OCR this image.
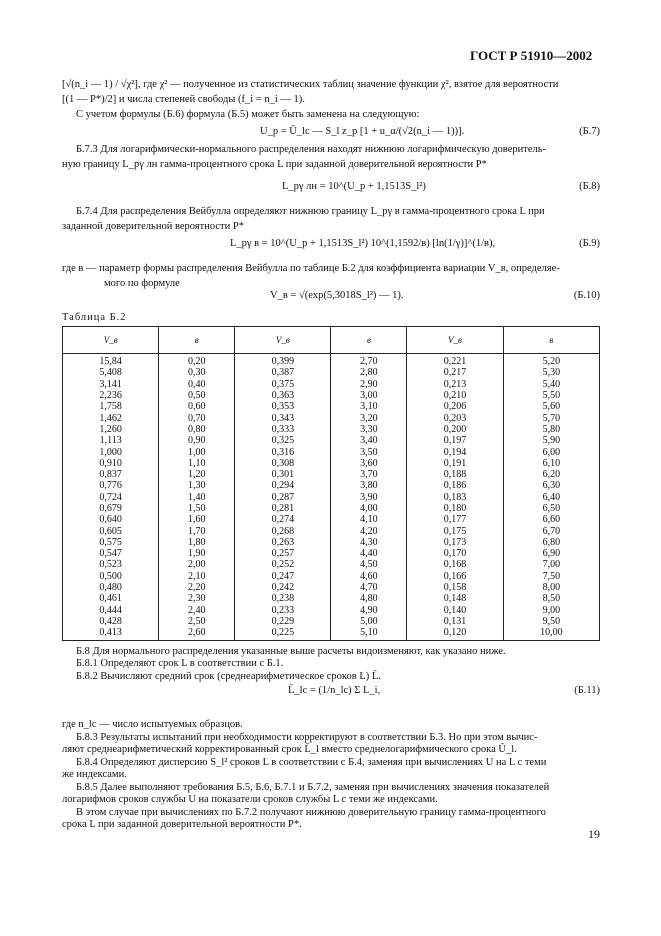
ГОСТ Р 51910—2002
[√(n_i — 1) / √χ²], где χ² — полученное из статистических таблиц значение функции χ², взятое для вероятности
[(1 — P*)/2] и числа степеней свободы (f_i = n_i — 1).
С учетом формулы (Б.6) формула (Б.5) может быть заменена на следующую:
U_p = Ū_lc — S_l z_p [1 + u_α/(√2(n_i — 1))].	(Б.7)
Б.7.3 Для логарифмически-нормального распределения находят нижнюю логарифмическую доверитель-
ную границу L_pγ лн гамма-процентного срока L при заданной доверительной вероятности P*
L_pγ лн = 10^(U_p + 1,1513S_l²)	(Б.8)
Б.7.4 Для распределения Вейбулла определяют нижнюю границу L_pγ в гамма-процентного срока L при
заданной доверительной вероятности P*
L_pγ в = 10^(U_p + 1,1513S_l²) 10^(1,1592/в) [ln(1/γ)]^(1/в),	(Б.9)
где в — параметр формы распределения Вейбулла по таблице Б.2 для коэффициента вариации V_в, определяе-
мого по формуле
V_в = √(exp(5,3018S_l²) — 1).	(Б.10)
Таблица Б.2
V_в	в	V_в	в	V_в	в
15,84	0,20	0,399	2,70	0,221	5,20
5,408	0,30	0,387	2,80	0,217	5,30
3,141	0,40	0,375	2,90	0,213	5,40
2,236	0,50	0,363	3,00	0,210	5,50
1,758	0,60	0,353	3,10	0,206	5,60
1,462	0,70	0,343	3,20	0,203	5,70
1,260	0,80	0,333	3,30	0,200	5,80
1,113	0,90	0,325	3,40	0,197	5,90
1,000	1,00	0,316	3,50	0,194	6,00
0,910	1,10	0,308	3,60	0,191	6,10
0,837	1,20	0,301	3,70	0,188	6,20
0,776	1,30	0,294	3,80	0,186	6,30
0,724	1,40	0,287	3,90	0,183	6,40
0,679	1,50	0,281	4,00	0,180	6,50
0,640	1,60	0,274	4,10	0,177	6,60
0,605	1,70	0,268	4,20	0,175	6,70
0,575	1,80	0,263	4,30	0,173	6,80
0,547	1,90	0,257	4,40	0,170	6,90
0,523	2,00	0,252	4,50	0,168	7,00
0,500	2,10	0,247	4,60	0,166	7,50
0,480	2,20	0,242	4,70	0,158	8,00
0,461	2,30	0,238	4,80	0,148	8,50
0,444	2,40	0,233	4,90	0,140	9,00
0,428	2,50	0,229	5,00	0,131	9,50
0,413	2,60	0,225	5,10	0,120	10,00
Б.8 Для нормального распределения указанные выше расчеты видоизменяют, как указано ниже.
Б.8.1 Определяют срок L в соответствии с Б.1.
Б.8.2 Вычисляют средний срок (среднеарифметическое сроков L) L̄.
L̄_lc = (1/n_lc) Σ L_i,	(Б.11)
где n_lc — число испытуемых образцов.
Б.8.3 Результаты испытаний при необходимости корректируют в соответствии Б.3. Но при этом вычис-
ляют среднеарифметический корректированный срок L̄_l вместо среднелогарифмического срока Ū_l.
Б.8.4 Определяют дисперсию S_l² сроков L в соответствии с Б.4, заменяя при вычислениях U на L с теми
же индексами.
Б.8.5 Далее выполняют требования Б.5, Б.6, Б.7.1 и Б.7.2, заменяя при вычислениях значения показателей
логарифмов сроков службы U на показатели сроков службы L с теми же индексами.
В этом случае при вычислениях по Б.7.2 получают нижнюю доверительную границу гамма-процентного
срока L при заданной доверительной вероятности P*.
19
